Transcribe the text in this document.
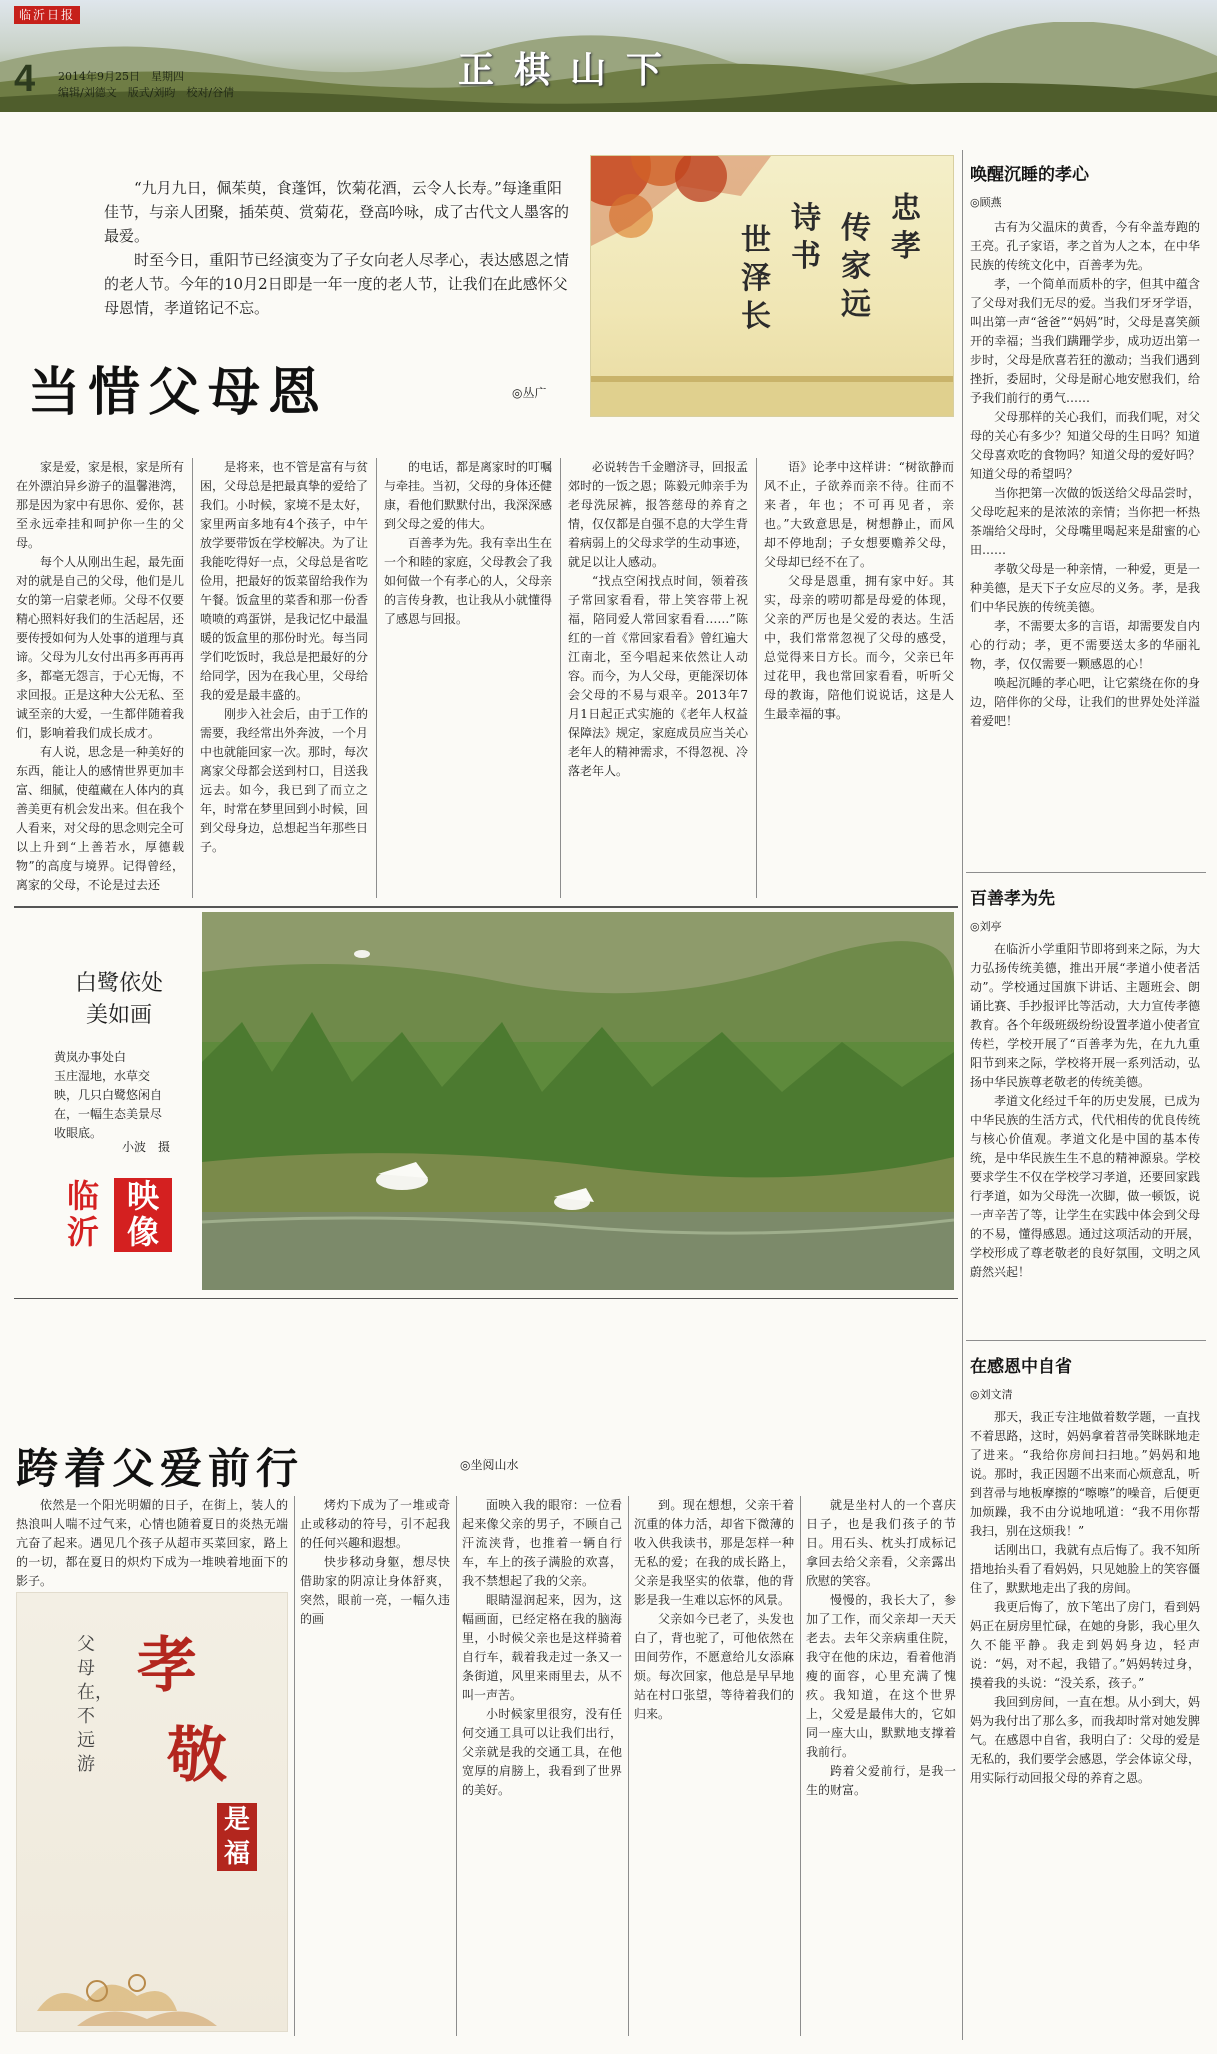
临沂日报
4 2014年9月25日　星期四
编辑/刘德文　版式/刘昀　校对/谷倩
正棋山下

“九月九日，佩茱萸，食蓬饵，饮菊花酒，云令人长寿。”每逢重阳佳节，与亲人团聚，插茱萸、赏菊花，登高吟咏，成了古代文人墨客的最爱。

时至今日，重阳节已经演变为了子女向老人尽孝心，表达感恩之情的老人节。今年的10月2日即是一年一度的老人节，让我们在此感怀父母恩情，孝道铭记不忘。

忠孝
传家远
诗书
世泽长
当惜父母恩	◎丛广

家是爱，家是根，家是所有在外漂泊异乡游子的温馨港湾，那是因为家中有思你、爱你，甚至永远牵挂和呵护你一生的父母。

每个人从刚出生起，最先面对的就是自己的父母，他们是儿女的第一启蒙老师。父母不仅要精心照料好我们的生活起居，还要传授如何为人处事的道理与真谛。父母为儿女付出再多再再再多，都毫无怨言，于心无悔，不求回报。正是这种大公无私、至诚至亲的大爱，一生都伴随着我们，影响着我们成长成才。

有人说，思念是一种美好的东西，能让人的感情世界更加丰富、细腻，使蕴藏在人体内的真善美更有机会发出来。但在我个人看来，对父母的思念则完全可以上升到“上善若水，厚德载物”的高度与境界。记得曾经，离家的父母，不论是过去还

是将来，也不管是富有与贫困，父母总是把最真挚的爱给了我们。小时候，家境不是太好，家里两亩多地有4个孩子，中午放学要带饭在学校解决。为了让我能吃得好一点，父母总是省吃俭用，把最好的饭菜留给我作为午餐。饭盒里的菜香和那一份香喷喷的鸡蛋饼，是我记忆中最温暖的饭盒里的那份时光。每当同学们吃饭时，我总是把最好的分给同学，因为在我心里，父母给我的爱是最丰盛的。

刚步入社会后，由于工作的需要，我经常出外奔波，一个月中也就能回家一次。那时，每次离家父母都会送到村口，目送我远去。如今，我已到了而立之年，时常在梦里回到小时候，回到父母身边，总想起当年那些日子。

的电话，都是离家时的叮嘱与牵挂。当初，父母的身体还健康，看他们默默付出，我深深感到父母之爱的伟大。

百善孝为先。我有幸出生在一个和睦的家庭，父母教会了我如何做一个有孝心的人，父母亲的言传身教，也让我从小就懂得了感恩与回报。

必说转告千金贈济寻，回报孟郊时的一饭之恩；陈毅元帅亲手为老母洗尿裤，报答慈母的养育之情，仅仅都是自强不息的大学生背着病弱上的父母求学的生动事迹，就足以让人感动。

“找点空闲找点时间，领着孩子常回家看看，带上笑容带上祝福，陪同爱人常回家看看……”陈红的一首《常回家看看》曾红遍大江南北，至今唱起来依然让人动容。而今，为人父母，更能深切体会父母的不易与艰辛。2013年7月1日起正式实施的《老年人权益保障法》规定，家庭成员应当关心老年人的精神需求，不得忽视、冷落老年人。

语》论孝中这样讲：“树欲静而风不止，子欲养而亲不待。往而不来者，年也；不可再见者，亲也。”大致意思是，树想静止，而风却不停地刮；子女想要赡养父母，父母却已经不在了。

父母是恩重，拥有家中好。其实，母亲的唠叨都是母爱的体现，父亲的严厉也是父爱的表达。生活中，我们常常忽视了父母的感受，总觉得来日方长。而今，父亲已年过花甲，我也常回家看看，听听父母的教诲，陪他们说说话，这是人生最幸福的事。

唤醒沉睡的孝心
◎顾燕

古有为父温床的黄香，今有伞盖寿跑的王亮。孔子家语，孝之首为人之本，在中华民族的传统文化中，百善孝为先。

孝，一个简单而质朴的字，但其中蕴含了父母对我们无尽的爱。当我们牙牙学语，叫出第一声“爸爸”“妈妈”时，父母是喜笑颜开的幸福；当我们蹒跚学步，成功迈出第一步时，父母是欣喜若狂的激动；当我们遇到挫折，委屈时，父母是耐心地安慰我们，给予我们前行的勇气……

父母那样的关心我们，而我们呢，对父母的关心有多少？知道父母的生日吗？知道父母喜欢吃的食物吗？知道父母的爱好吗？知道父母的希望吗？

当你把第一次做的饭送给父母品尝时，父母吃起来的是浓浓的亲情；当你把一杯热茶端给父母时，父母嘴里喝起来是甜蜜的心田……

孝敬父母是一种亲情，一种爱，更是一种美德，是天下子女应尽的义务。孝，是我们中华民族的传统美德。

孝，不需要太多的言语，却需要发自内心的行动；孝，更不需要送太多的华丽礼物，孝，仅仅需要一颗感恩的心！

唤起沉睡的孝心吧，让它萦绕在你的身边，陪伴你的父母，让我们的世界处处洋溢着爱吧！

百善孝为先
◎刘亭

在临沂小学重阳节即将到来之际，为大力弘扬传统美德，推出开展“孝道小使者活动”。学校通过国旗下讲话、主题班会、朗诵比赛、手抄报评比等活动，大力宣传孝德教育。各个年级班级纷纷设置孝道小使者宣传栏，学校开展了“百善孝为先，在九九重阳节到来之际，学校将开展一系列活动，弘扬中华民族尊老敬老的传统美德。

孝道文化经过千年的历史发展，已成为中华民族的生活方式，代代相传的优良传统与核心价值观。孝道文化是中国的基本传统，是中华民族生生不息的精神源泉。学校要求学生不仅在学校学习孝道，还要回家践行孝道，如为父母洗一次脚，做一顿饭，说一声辛苦了等，让学生在实践中体会到父母的不易，懂得感恩。通过这项活动的开展，学校形成了尊老敬老的良好氛围，文明之风蔚然兴起！

在感恩中自省
◎刘文清

那天，我正专注地做着数学题，一直找不着思路，这时，妈妈拿着苕帚笑眯眯地走了进来。“我给你房间扫扫地。”妈妈和地说。那时，我正因题不出来而心烦意乱，听到苕帚与地板摩擦的“嚓嚓”的噪音，后便更加烦躁，我不由分说地吼道：“我不用你帮我扫，别在这烦我！”

话刚出口，我就有点后悔了。我不知所措地抬头看了看妈妈，只见她脸上的笑容僵住了，默默地走出了我的房间。

我更后悔了，放下笔出了房门，看到妈妈正在厨房里忙碌，在她的身影，我心里久久不能平静。我走到妈妈身边，轻声说：“妈，对不起，我错了。”妈妈转过身，摸着我的头说：“没关系，孩子。”

我回到房间，一直在想。从小到大，妈妈为我付出了那么多，而我却时常对她发脾气。在感恩中自省，我明白了：父母的爱是无私的，我们要学会感恩，学会体谅父母，用实际行动回报父母的养育之恩。

白鹭依处
美如画
黄岚办事处白
玉庄湿地，水草交
映，几只白鹭悠闲自
在，一幅生态美景尽
收眼底。
小波　摄
临沂
映像
跨着父爱前行	◎坐阅山水

依然是一个阳光明媚的日子，在街上，装人的热浪叫人喘不过气来，心情也随着夏日的炎热无端亢奋了起来。遇见几个孩子从超市买菜回家，路上的一切，都在夏日的炽灼下成为一堆映着地面下的影子。

孝
敬
是福
父母在，不远游

烤灼下成为了一堆或奇止或移动的符号，引不起我的任何兴趣和遐想。

快步移动身躯，想尽快借助家的阴凉让身体舒爽，突然，眼前一亮，一幅久违的画

面映入我的眼帘：一位看起来像父亲的男子，不顾自己汗流浃背，也推着一辆自行车，车上的孩子满脸的欢喜，我不禁想起了我的父亲。

眼睛湿润起来，因为，这幅画面，已经定格在我的脑海里，小时候父亲也是这样骑着自行车，载着我走过一条又一条街道，风里来雨里去，从不叫一声苦。

小时候家里很穷，没有任何交通工具可以让我们出行，父亲就是我的交通工具，在他宽厚的肩膀上，我看到了世界的美好。

到。现在想想，父亲干着沉重的体力活，却省下微薄的收入供我读书，那是怎样一种无私的爱；在我的成长路上，父亲是我坚实的依靠，他的背影是我一生难以忘怀的风景。

父亲如今已老了，头发也白了，背也驼了，可他依然在田间劳作，不愿意给儿女添麻烦。每次回家，他总是早早地站在村口张望，等待着我们的归来。

就是坐村人的一个喜庆日子，也是我们孩子的节日。用石头、枕头打成标记拿回去给父亲看，父亲露出欣慰的笑容。

慢慢的，我长大了，参加了工作，而父亲却一天天老去。去年父亲病重住院，我守在他的床边，看着他消瘦的面容，心里充满了愧疚。我知道，在这个世界上，父爱是最伟大的，它如同一座大山，默默地支撑着我前行。

跨着父爱前行，是我一生的财富。
